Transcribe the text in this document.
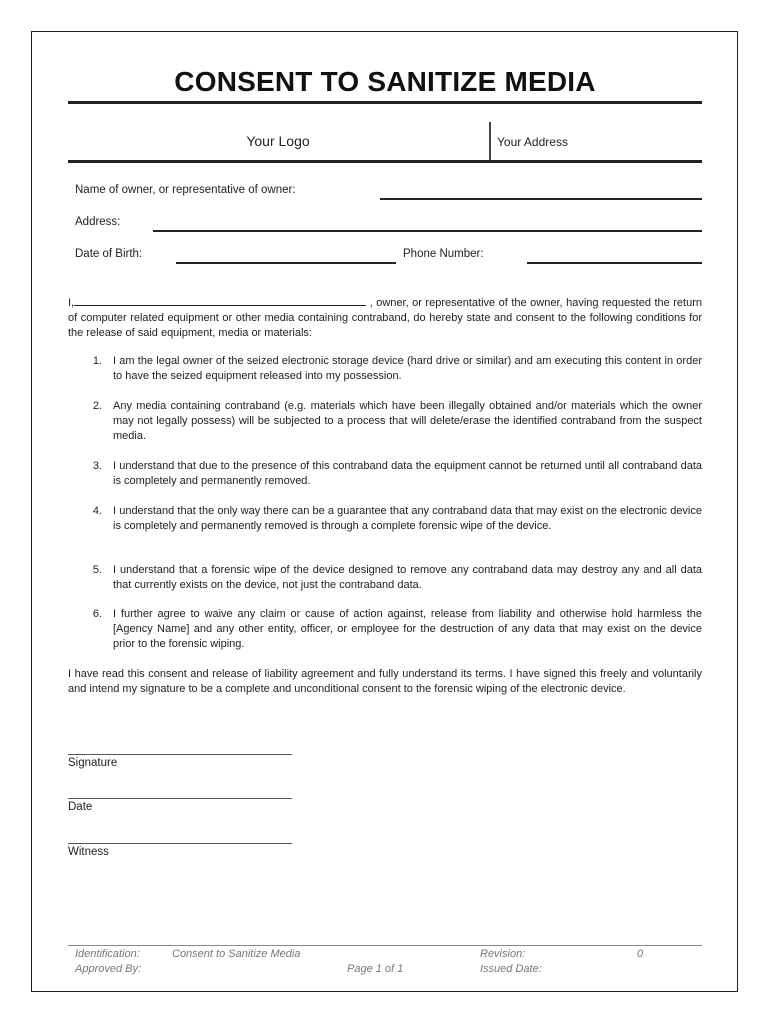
CONSENT TO SANITIZE MEDIA
Your Logo	Your Address
Name of owner, or representative of owner:
Address:
Date of Birth:	Phone Number:

I,	, owner, or representative of the owner, having requested the return of computer related equipment or other media containing contraband, do hereby state and consent to the following conditions for the release of said equipment, media or materials:

1. I am the legal owner of the seized electronic storage device (hard drive or similar) and am executing this content in order to have the seized equipment released into my possession.
2. Any media containing contraband (e.g. materials which have been illegally obtained and/or materials which the owner may not legally possess) will be subjected to a process that will delete/erase the identified contraband from the suspect media.
3. I understand that due to the presence of this contraband data the equipment cannot be returned until all contraband data is completely and permanently removed.
4. I understand that the only way there can be a guarantee that any contraband data that may exist on the electronic device is completely and permanently removed is through a complete forensic wipe of the device.
5. I understand that a forensic wipe of the device designed to remove any contraband data may destroy any and all data that currently exists on the device, not just the contraband data.
6. I further agree to waive any claim or cause of action against, release from liability and otherwise hold harmless the [Agency Name] and any other entity, officer, or employee for the destruction of any data that may exist on the device prior to the forensic wiping.

I have read this consent and release of liability agreement and fully understand its terms. I have signed this freely and voluntarily and intend my signature to be a complete and unconditional consent to the forensic wiping of the electronic device.

Signature
Date
Witness
Identification:	Consent to Sanitize Media
Approved By:	Page 1 of 1
Revision:	0
Issued Date:
